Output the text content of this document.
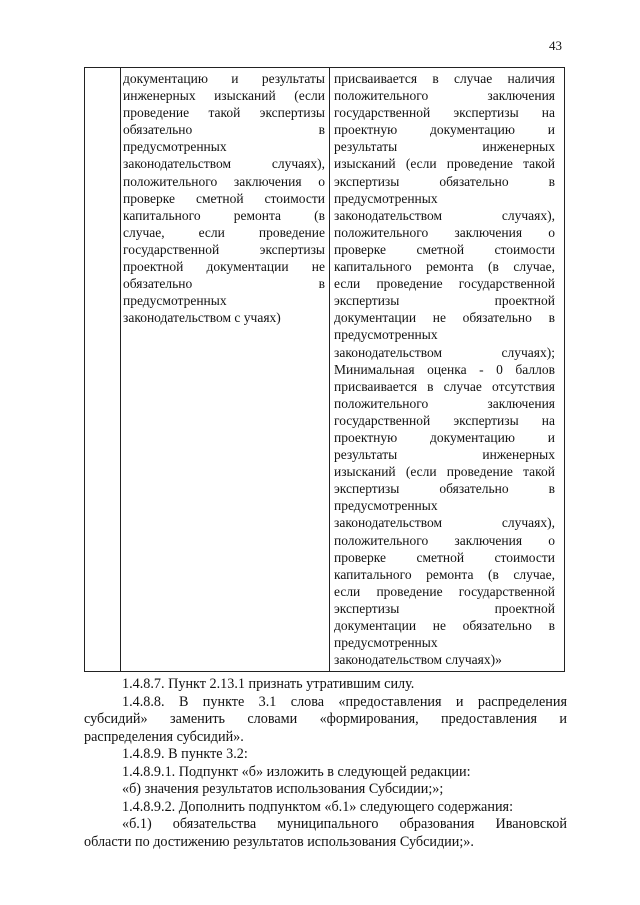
43
документацию и результаты
инженерных изысканий (если
проведение такой экспертизы
обязательно в
предусмотренных
законодательством случаях),
положительного заключения о
проверке сметной стоимости
капитального ремонта (в
случае, если проведение
государственной экспертизы
проектной документации не
обязательно в
предусмотренных
законодательством с учаях)
присваивается в случае наличия
положительного заключения
государственной экспертизы на
проектную документацию и
результаты инженерных
изысканий (если проведение такой
экспертизы обязательно в
предусмотренных
законодательством случаях),
положительного заключения о
проверке сметной стоимости
капитального ремонта (в случае,
если проведение государственной
экспертизы проектной
документации не обязательно в
предусмотренных
законодательством случаях);
Минимальная оценка - 0 баллов
присваивается в случае отсутствия
положительного заключения
государственной экспертизы на
проектную документацию и
результаты инженерных
изысканий (если проведение такой
экспертизы обязательно в
предусмотренных
законодательством случаях),
положительного заключения о
проверке сметной стоимости
капитального ремонта (в случае,
если проведение государственной
экспертизы проектной
документации не обязательно в
предусмотренных
законодательством случаях)»
1.4.8.7. Пункт 2.13.1 признать утратившим силу.
1.4.8.8. В пункте 3.1 слова «предоставления и распределения
субсидий» заменить словами «формирования, предоставления и
распределения субсидий».
1.4.8.9. В пункте 3.2:
1.4.8.9.1. Подпункт «б» изложить в следующей редакции:
«б) значения результатов использования Субсидии;»;
1.4.8.9.2. Дополнить подпунктом «б.1» следующего содержания:
«б.1) обязательства муниципального образования Ивановской
области по достижению результатов использования Субсидии;».
